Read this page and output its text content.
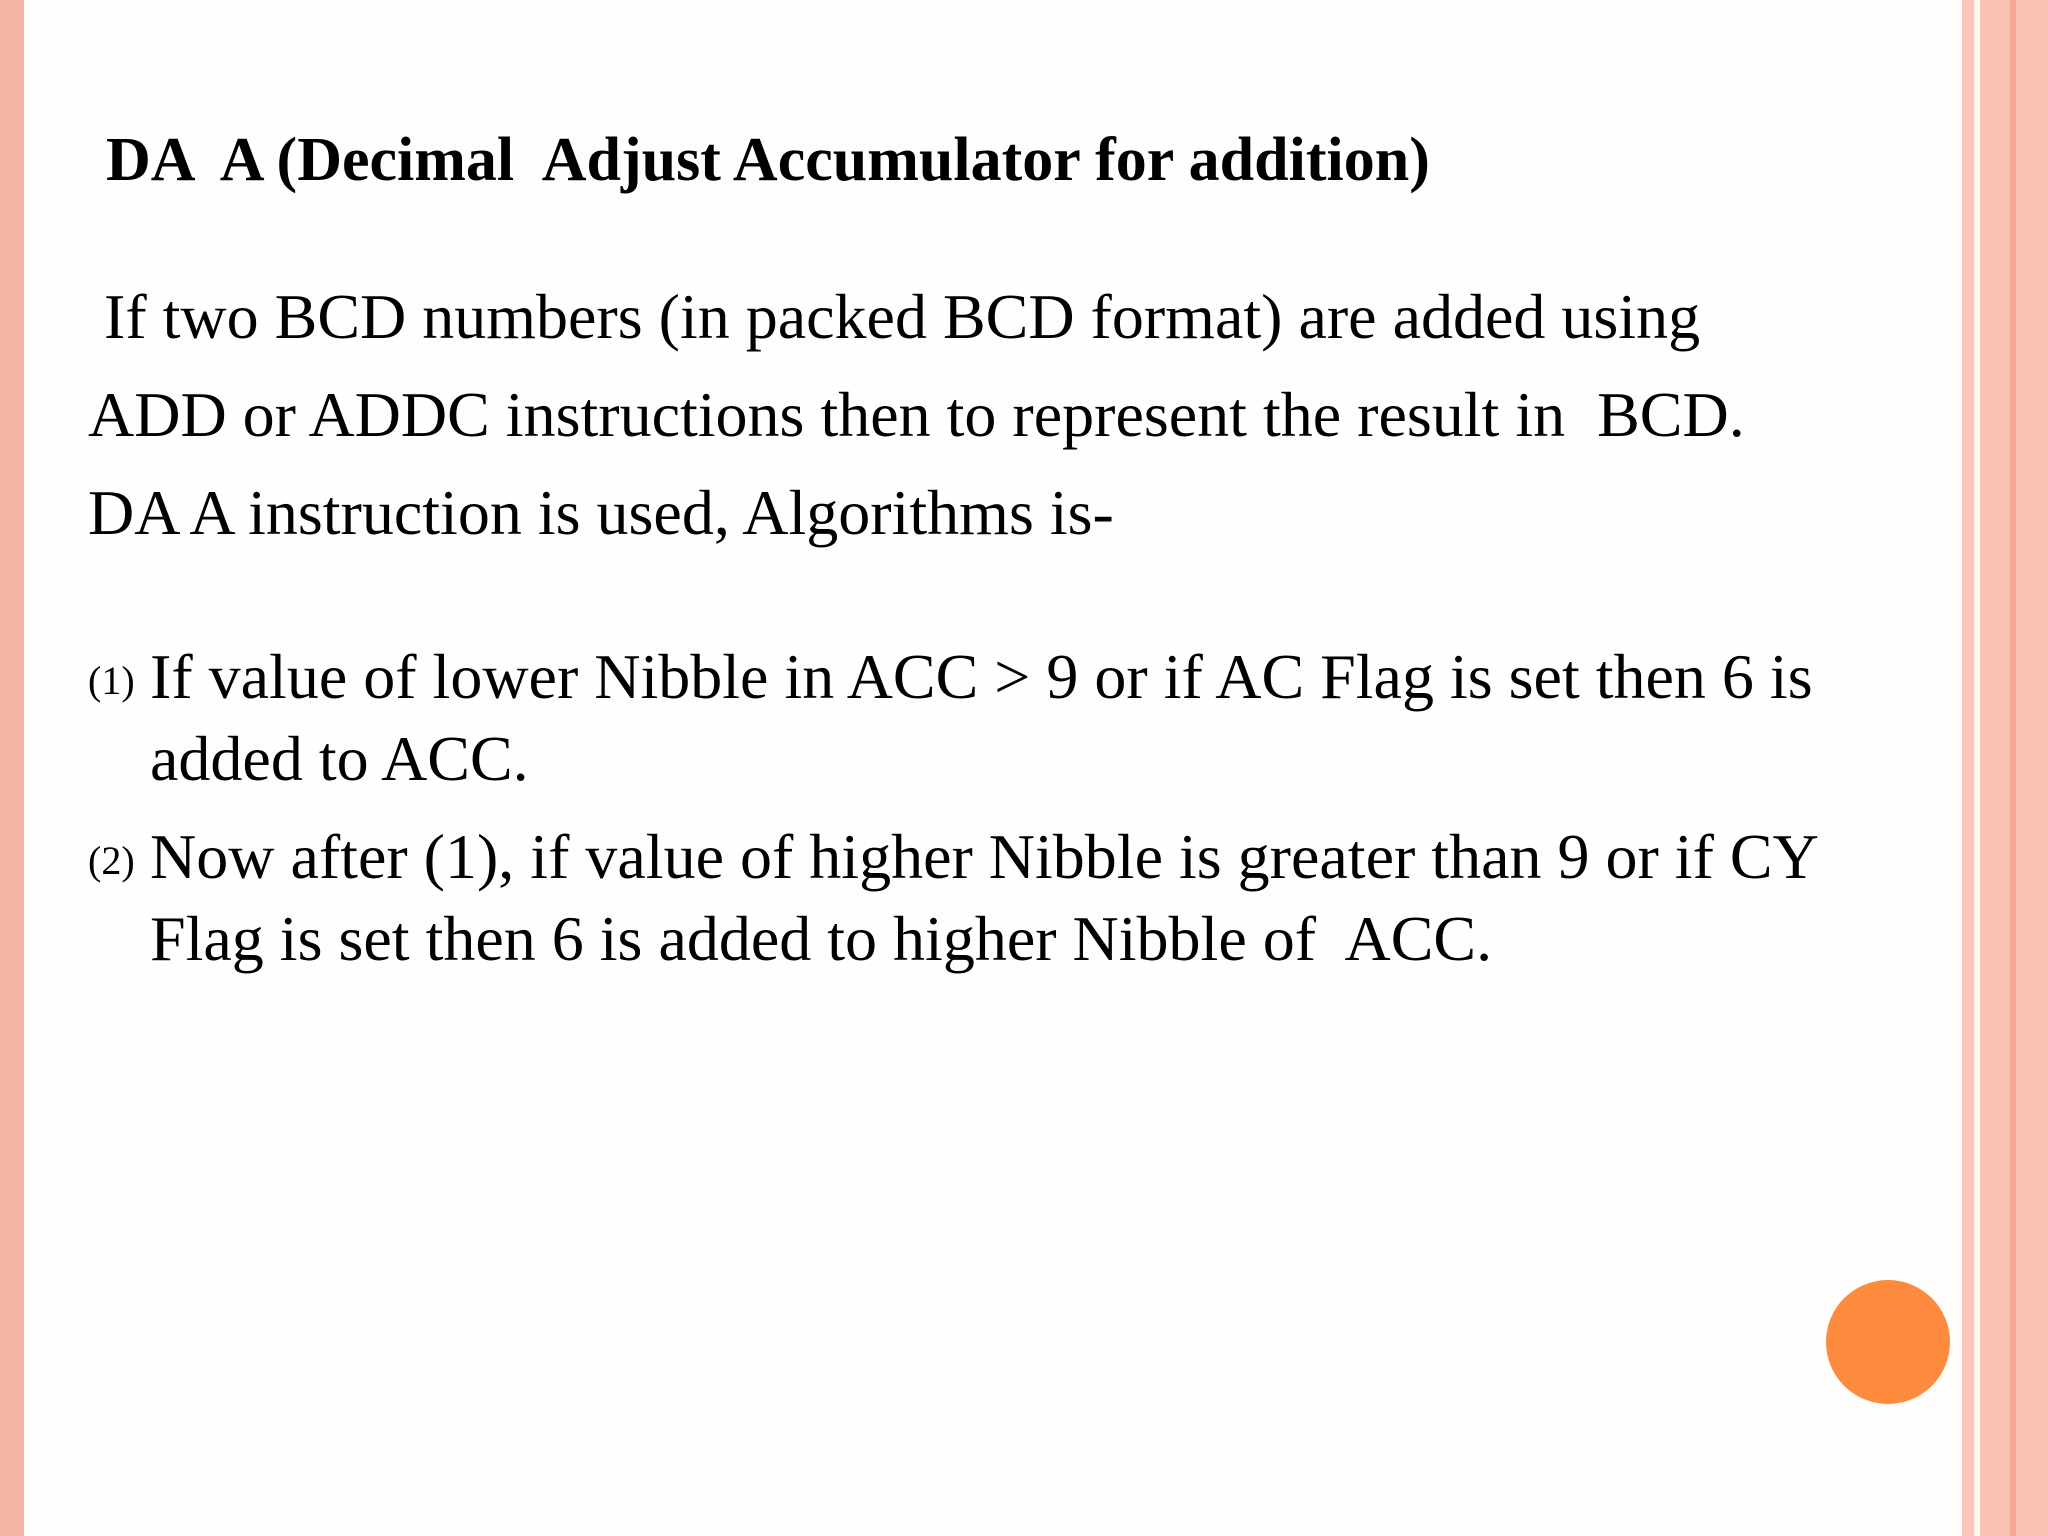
DA  A (Decimal  Adjust Accumulator for addition)
If two BCD numbers (in packed BCD format) are added using
ADD or ADDC instructions then to represent the result in  BCD.
DA A instruction is used, Algorithms is-
(1) If value of lower Nibble in ACC > 9 or if AC Flag is set then 6 is
added to ACC.
(2) Now after (1), if value of higher Nibble is greater than 9 or if CY
Flag is set then 6 is added to higher Nibble of  ACC.
